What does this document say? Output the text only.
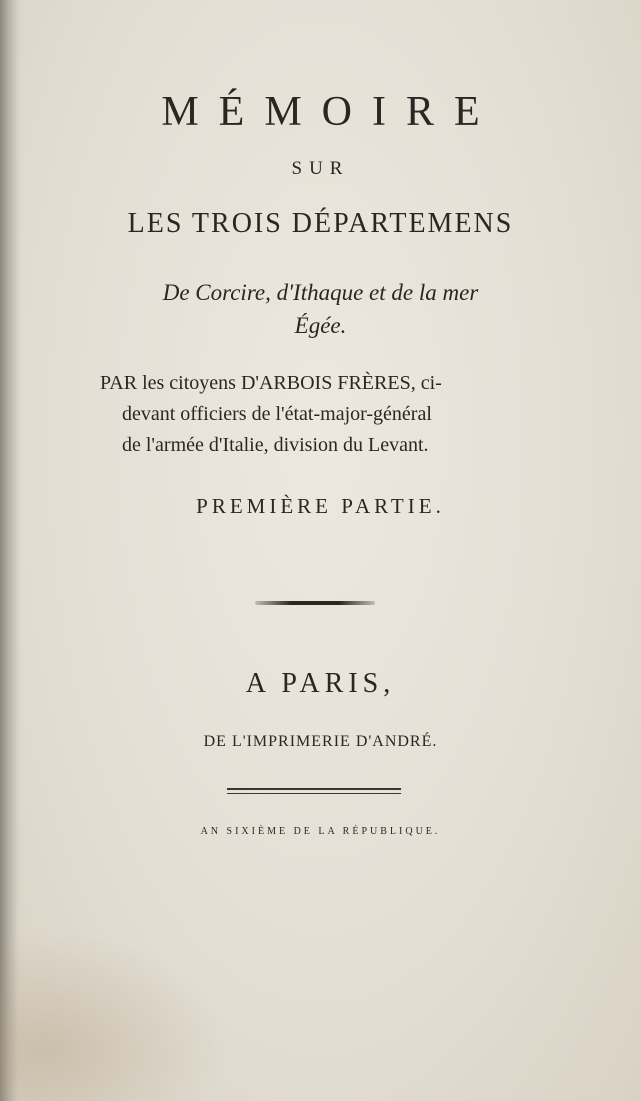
MÉMOIRE
SUR
LES TROIS DÉPARTEMENS
De Corcire, d'Ithaque et de la mer
Égée.
PAR les citoyens D'ARBOIS FRÈRES, ci-
devant officiers de l'état-major-général
de l'armée d'Italie, division du Levant.
PREMIÈRE PARTIE.
A PARIS,
DE L'IMPRIMERIE D'ANDRÉ.
AN SIXIÈME DE LA RÉPUBLIQUE.
